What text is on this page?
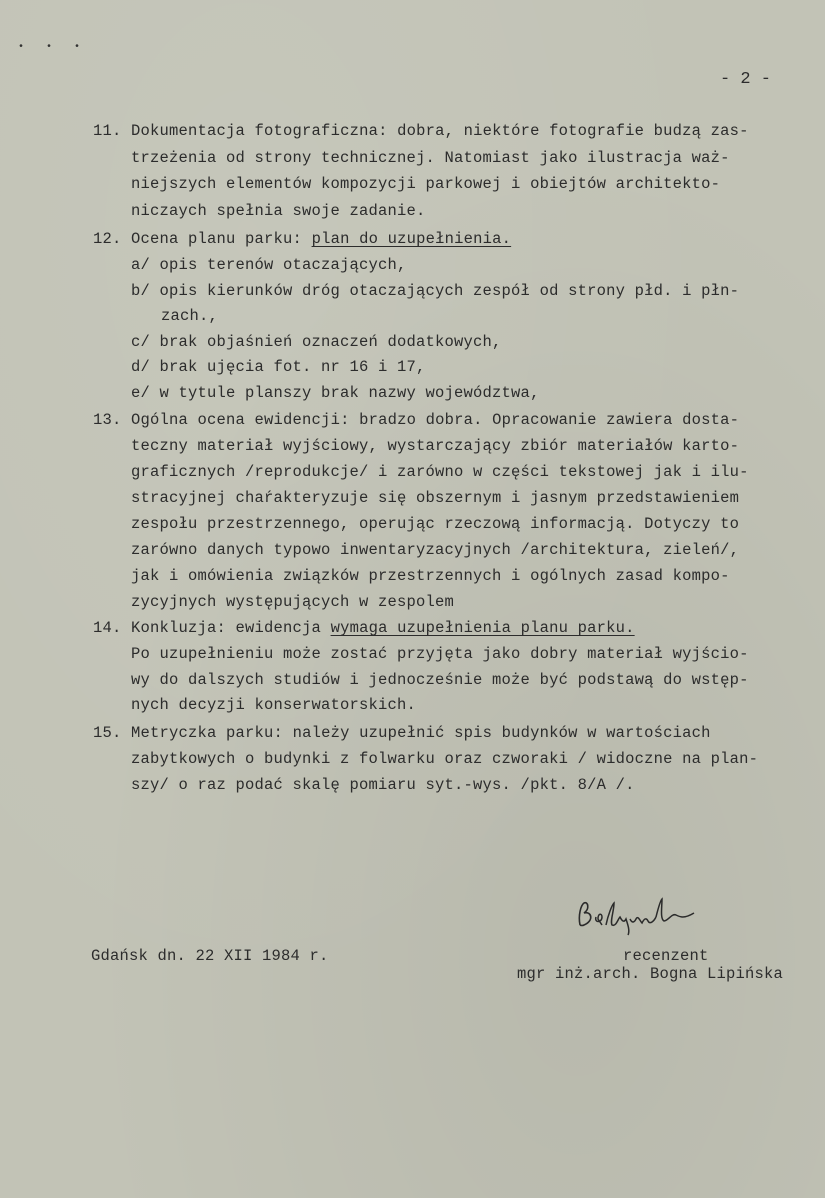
• • •
- 2 -
11. Dokumentacja fotograficzna: dobra, niektóre fotografie budzą zas-
trzeżenia od strony technicznej. Natomiast jako ilustracja waż-
niejszych elementów kompozycji parkowej i obiejtów architekto-
niczaych spełnia swoje zadanie.
12. Ocena planu parku: plan do uzupełnienia.
a/ opis terenów otaczających,
b/ opis kierunków dróg otaczających zespół od strony płd. i płn-
zach.,
c/ brak objaśnień oznaczeń dodatkowych,
d/ brak ujęcia fot. nr 16 i 17,
e/ w tytule planszy brak nazwy województwa,
13. Ogólna ocena ewidencji: bradzo dobra. Opracowanie zawiera dosta-
teczny materiał wyjściowy, wystarczający zbiór materiałów karto-
graficznych /reprodukcje/ i zarówno w części tekstowej jak i ilu-
stracyjnej chaŕakteryzuje się obszernym i jasnym przedstawieniem
zespołu przestrzennego, operując rzeczową informacją. Dotyczy to
zarówno danych typowo inwentaryzacyjnych /architektura, zieleń/,
jak i omówienia związków przestrzennych i ogólnych zasad kompo-
zycyjnych występujących w zespolem
14. Konkluzja: ewidencja wymaga uzupełnienia planu parku.
Po uzupełnieniu może zostać przyjęta jako dobry materiał wyjścio-
wy do dalszych studiów i jednocześnie może być podstawą do wstęp-
nych decyzji konserwatorskich.
15. Metryczka parku: należy uzupełnić spis budynków w wartościach
zabytkowych o budynki z folwarku oraz czworaki / widoczne na plan-
szy/ o raz podać skalę pomiaru syt.-wys. /pkt. 8/A /.
Gdańsk dn. 22 XII 1984 r.	recenzent
mgr inż.arch. Bogna Lipińska
